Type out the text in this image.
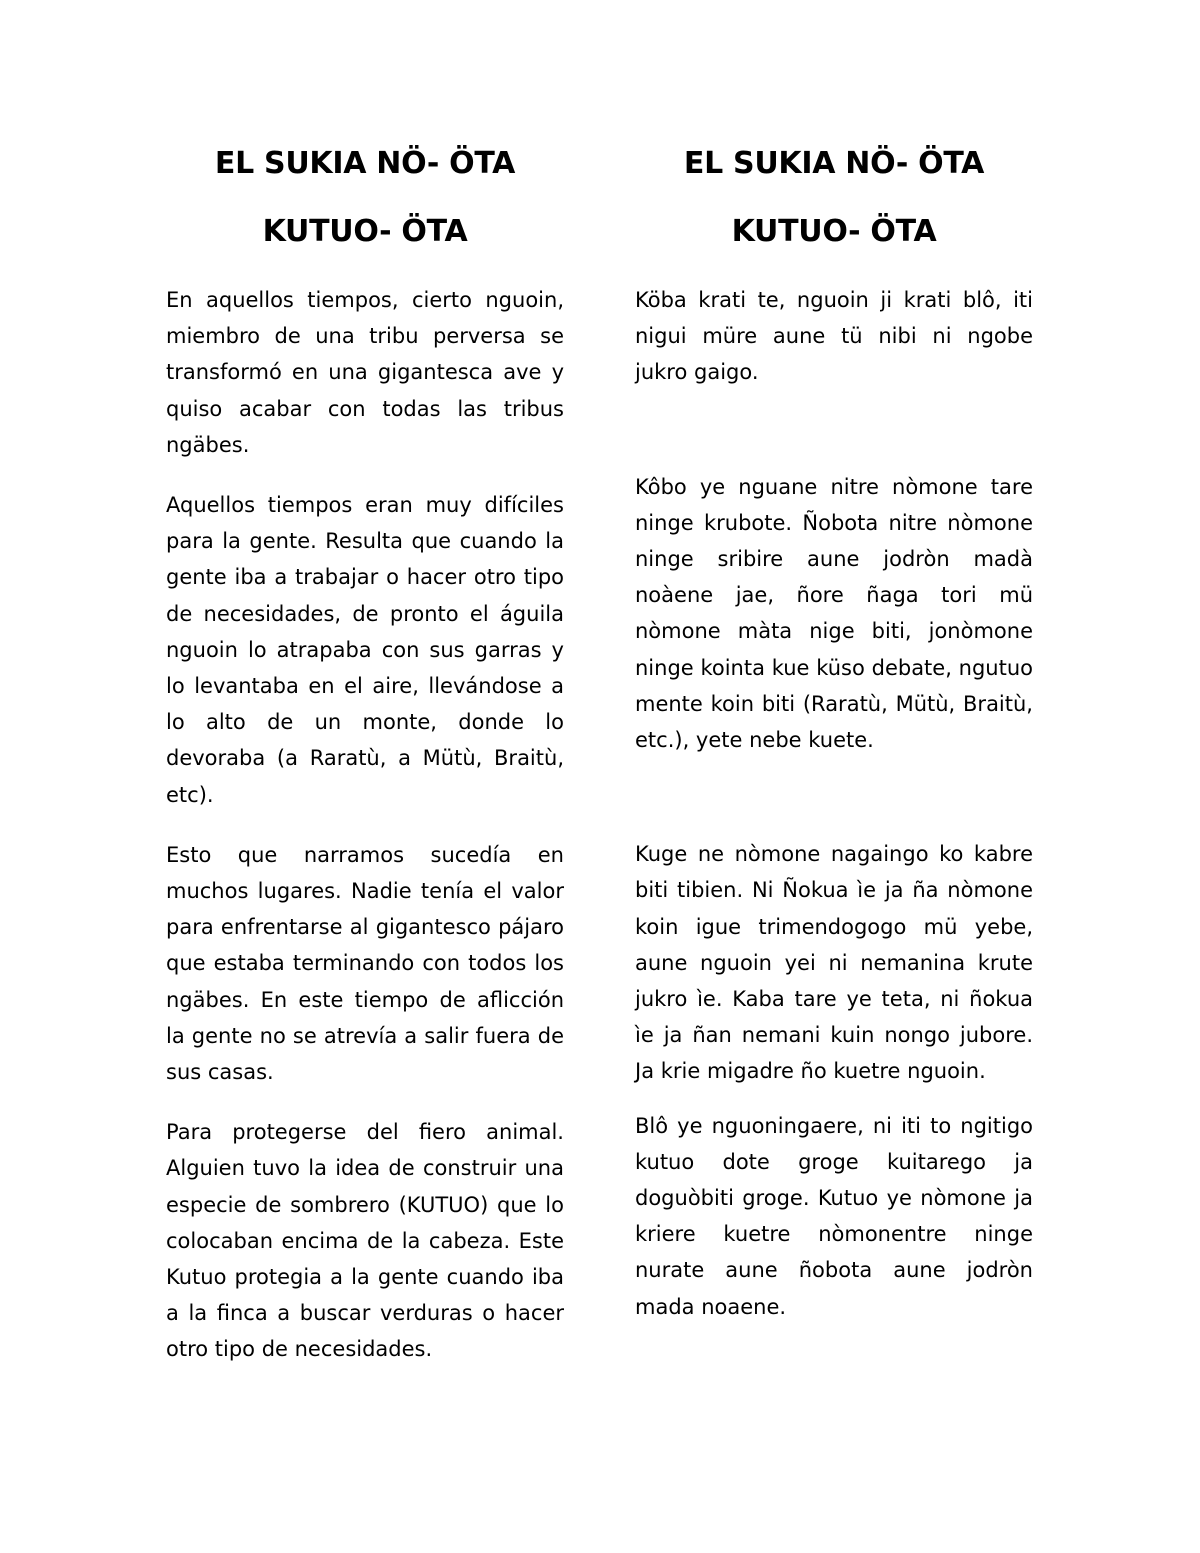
EL SUKIA NÖ- ÖTA
KUTUO- ÖTA

En aquellos tiempos, cierto nguoin, miembro de una tribu perversa se transformó en una gigantesca ave y quiso acabar con todas las tribus ngäbes.

Aquellos tiempos eran muy difíciles para la gente. Resulta que cuando la gente iba a trabajar o hacer otro tipo de necesidades, de pronto el águila nguoin lo atrapaba con sus garras y lo levantaba en el aire, llevándose a lo alto de un monte, donde lo devoraba (a Raratù, a Mütù, Braitù, etc).

Esto que narramos sucedía en muchos lugares. Nadie tenía el valor para enfrentarse al gigantesco pájaro que estaba terminando con todos los ngäbes. En este tiempo de aflicción la gente no se atrevía a salir fuera de sus casas.

Para protegerse del fiero animal. Alguien tuvo la idea de construir una especie de sombrero (KUTUO) que lo colocaban encima de la cabeza. Este Kutuo protegia a la gente cuando iba a la finca a buscar verduras o hacer otro tipo de necesidades.

EL SUKIA NÖ- ÖTA
KUTUO- ÖTA

Köba krati te, nguoin ji krati blô, iti nigui müre aune tü nibi ni ngobe jukro gaigo.

Kôbo ye nguane nitre nòmone tare ninge krubote. Ñobota nitre nòmone ninge sribire aune jodròn madà noàene jae, ñore ñaga tori mü nòmone màta nige biti, jonòmone ninge kointa kue küso debate, ngutuo mente koin biti (Raratù, Mütù, Braitù, etc.), yete nebe kuete.

Kuge ne nòmone nagaingo ko kabre biti tibien. Ni Ñokua ìe ja ña nòmone koin igue trimendogogo mü yebe, aune nguoin yei ni nemanina krute jukro ìe. Kaba tare ye teta, ni ñokua ìe ja ñan nemani kuin nongo jubore. Ja krie migadre ño kuetre nguoin.

Blô ye nguoningaere, ni iti to ngitigo kutuo dote groge kuitarego ja doguòbiti groge. Kutuo ye nòmone ja kriere kuetre nòmonentre ninge nurate aune ñobota aune jodròn mada noaene.
